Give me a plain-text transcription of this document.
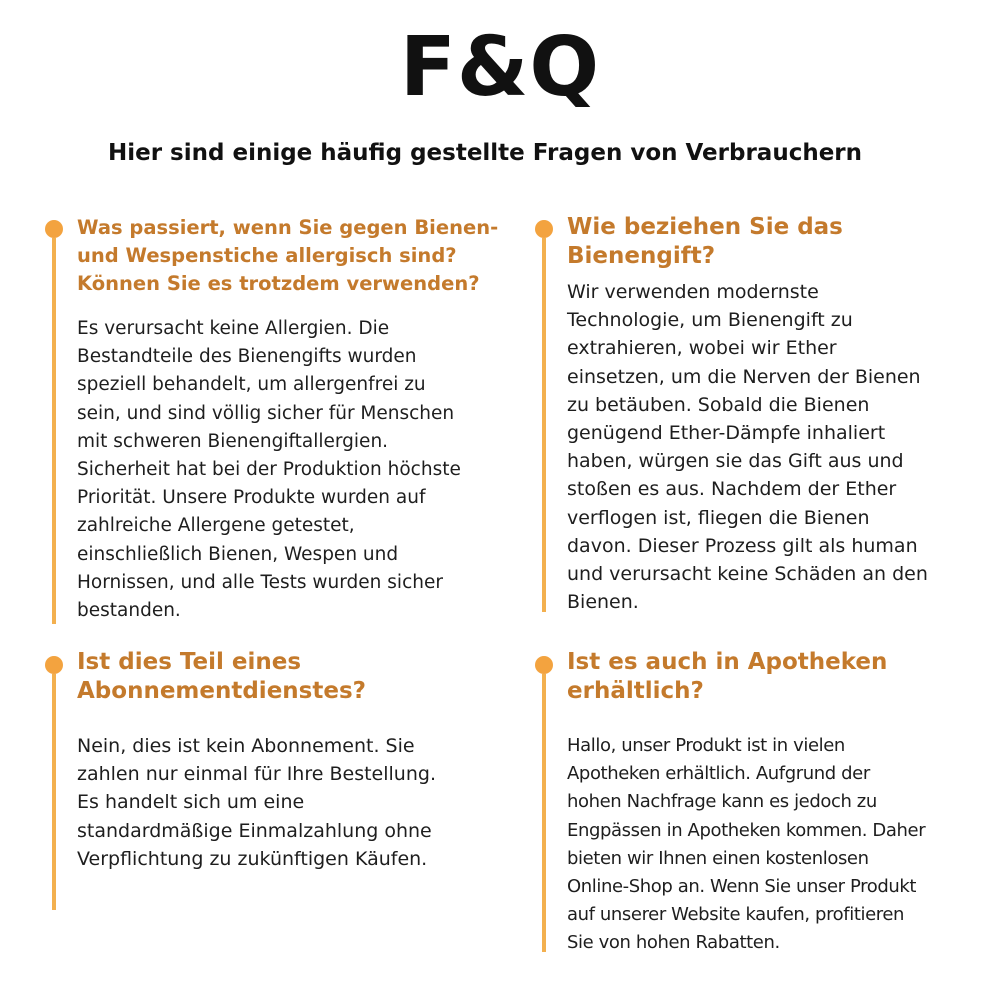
F&Q
Hier sind einige häufig gestellte Fragen von Verbrauchern
Was passiert, wenn Sie gegen Bienen-
und Wespenstiche allergisch sind?
Können Sie es trotzdem verwenden?

Es verursacht keine Allergien. Die
Bestandteile des Bienengifts wurden
speziell behandelt, um allergenfrei zu
sein, und sind völlig sicher für Menschen
mit schweren Bienengiftallergien.
Sicherheit hat bei der Produktion höchste
Priorität. Unsere Produkte wurden auf
zahlreiche Allergene getestet,
einschließlich Bienen, Wespen und
Hornissen, und alle Tests wurden sicher
bestanden.

Wie beziehen Sie das
Bienengift?

Wir verwenden modernste
Technologie, um Bienengift zu
extrahieren, wobei wir Ether
einsetzen, um die Nerven der Bienen
zu betäuben. Sobald die Bienen
genügend Ether-Dämpfe inhaliert
haben, würgen sie das Gift aus und
stoßen es aus. Nachdem der Ether
verflogen ist, fliegen die Bienen
davon. Dieser Prozess gilt als human
und verursacht keine Schäden an den
Bienen.

Ist dies Teil eines
Abonnementdienstes?

Nein, dies ist kein Abonnement. Sie
zahlen nur einmal für Ihre Bestellung.
Es handelt sich um eine
standardmäßige Einmalzahlung ohne
Verpflichtung zu zukünftigen Käufen.

Ist es auch in Apotheken
erhältlich?

Hallo, unser Produkt ist in vielen
Apotheken erhältlich. Aufgrund der
hohen Nachfrage kann es jedoch zu
Engpässen in Apotheken kommen. Daher
bieten wir Ihnen einen kostenlosen
Online-Shop an. Wenn Sie unser Produkt
auf unserer Website kaufen, profitieren
Sie von hohen Rabatten.
